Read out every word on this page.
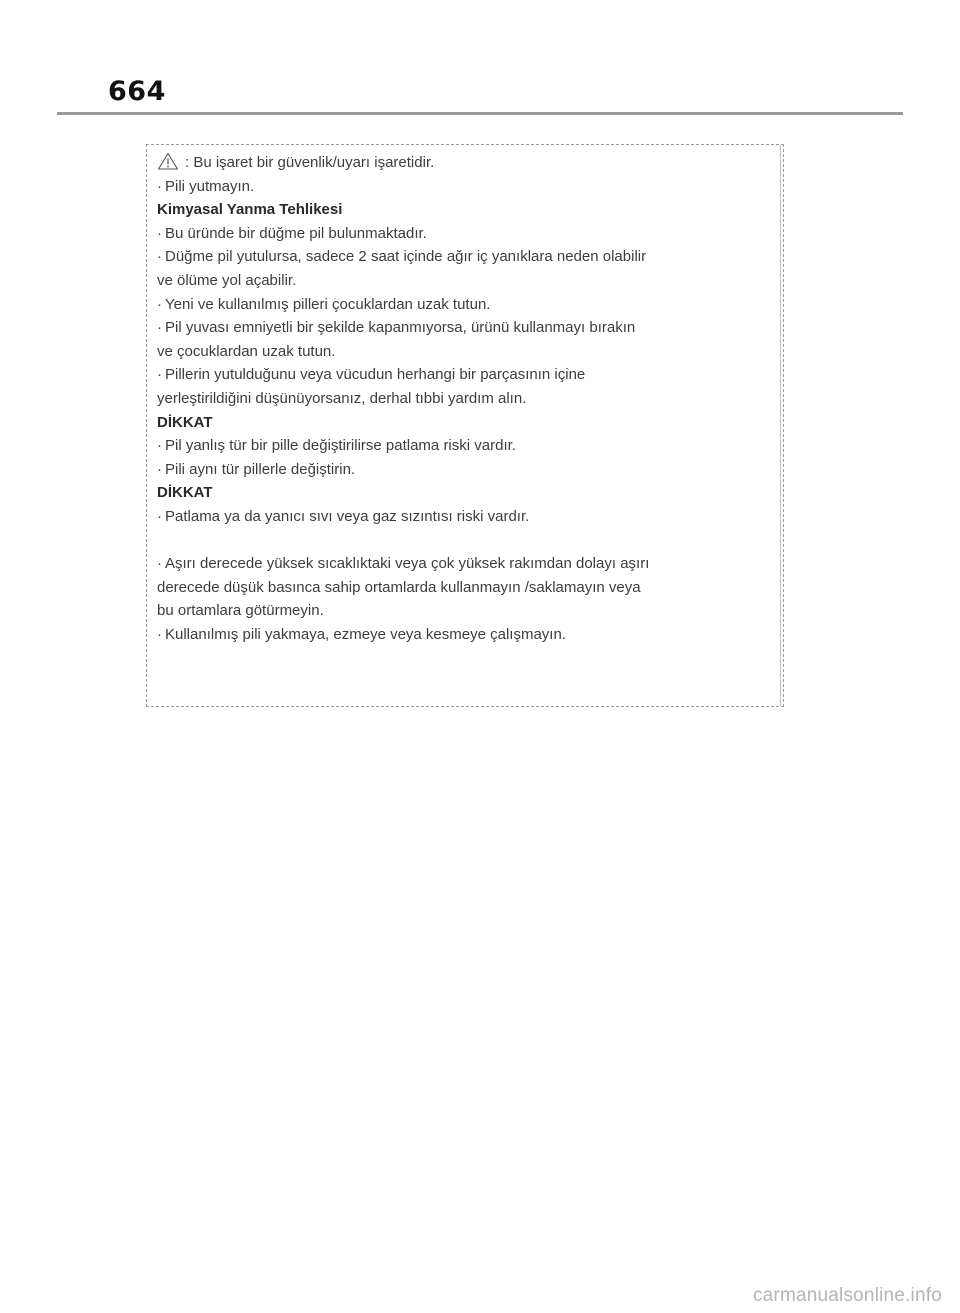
664
: Bu işaret bir güvenlik/uyarı işaretidir.
· Pili yutmayın.
Kimyasal Yanma Tehlikesi
· Bu üründe bir düğme pil bulunmaktadır.
· Düğme pil yutulursa, sadece 2 saat içinde ağır iç yanıklara neden olabilir
ve ölüme yol açabilir.
· Yeni ve kullanılmış pilleri çocuklardan uzak tutun.
· Pil yuvası emniyetli bir şekilde kapanmıyorsa, ürünü kullanmayı bırakın
ve çocuklardan uzak tutun.
· Pillerin yutulduğunu veya vücudun herhangi bir parçasının içine
yerleştirildiğini düşünüyorsanız, derhal tıbbi yardım alın.
DİKKAT
· Pil yanlış tür bir pille değiştirilirse patlama riski vardır.
· Pili aynı tür pillerle değiştirin.
DİKKAT
· Patlama ya da yanıcı sıvı veya gaz sızıntısı riski vardır.
· Aşırı derecede yüksek sıcaklıktaki veya çok yüksek rakımdan dolayı aşırı
derecede düşük basınca sahip ortamlarda kullanmayın /saklamayın veya
bu ortamlara götürmeyin.
· Kullanılmış pili yakmaya, ezmeye veya kesmeye çalışmayın.
carmanualsonline.info
